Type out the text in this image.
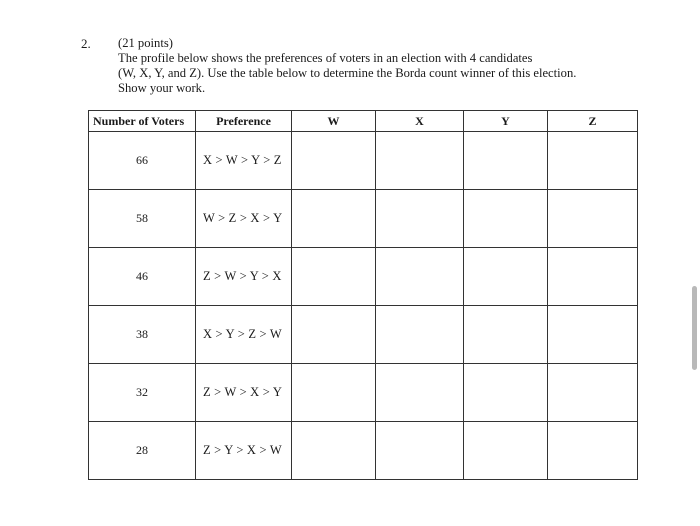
2. (21 points)
The profile below shows the preferences of voters in an election with 4 candidates
(W, X, Y, and Z). Use the table below to determine the Borda count winner of this election.
Show your work.
Number of Voters	Preference	W	X	Y	Z
66	X > W > Y > Z				
58	W > Z > X > Y				
46	Z > W > Y > X				
38	X > Y > Z > W				
32	Z > W > X > Y				
28	Z > Y > X > W				
